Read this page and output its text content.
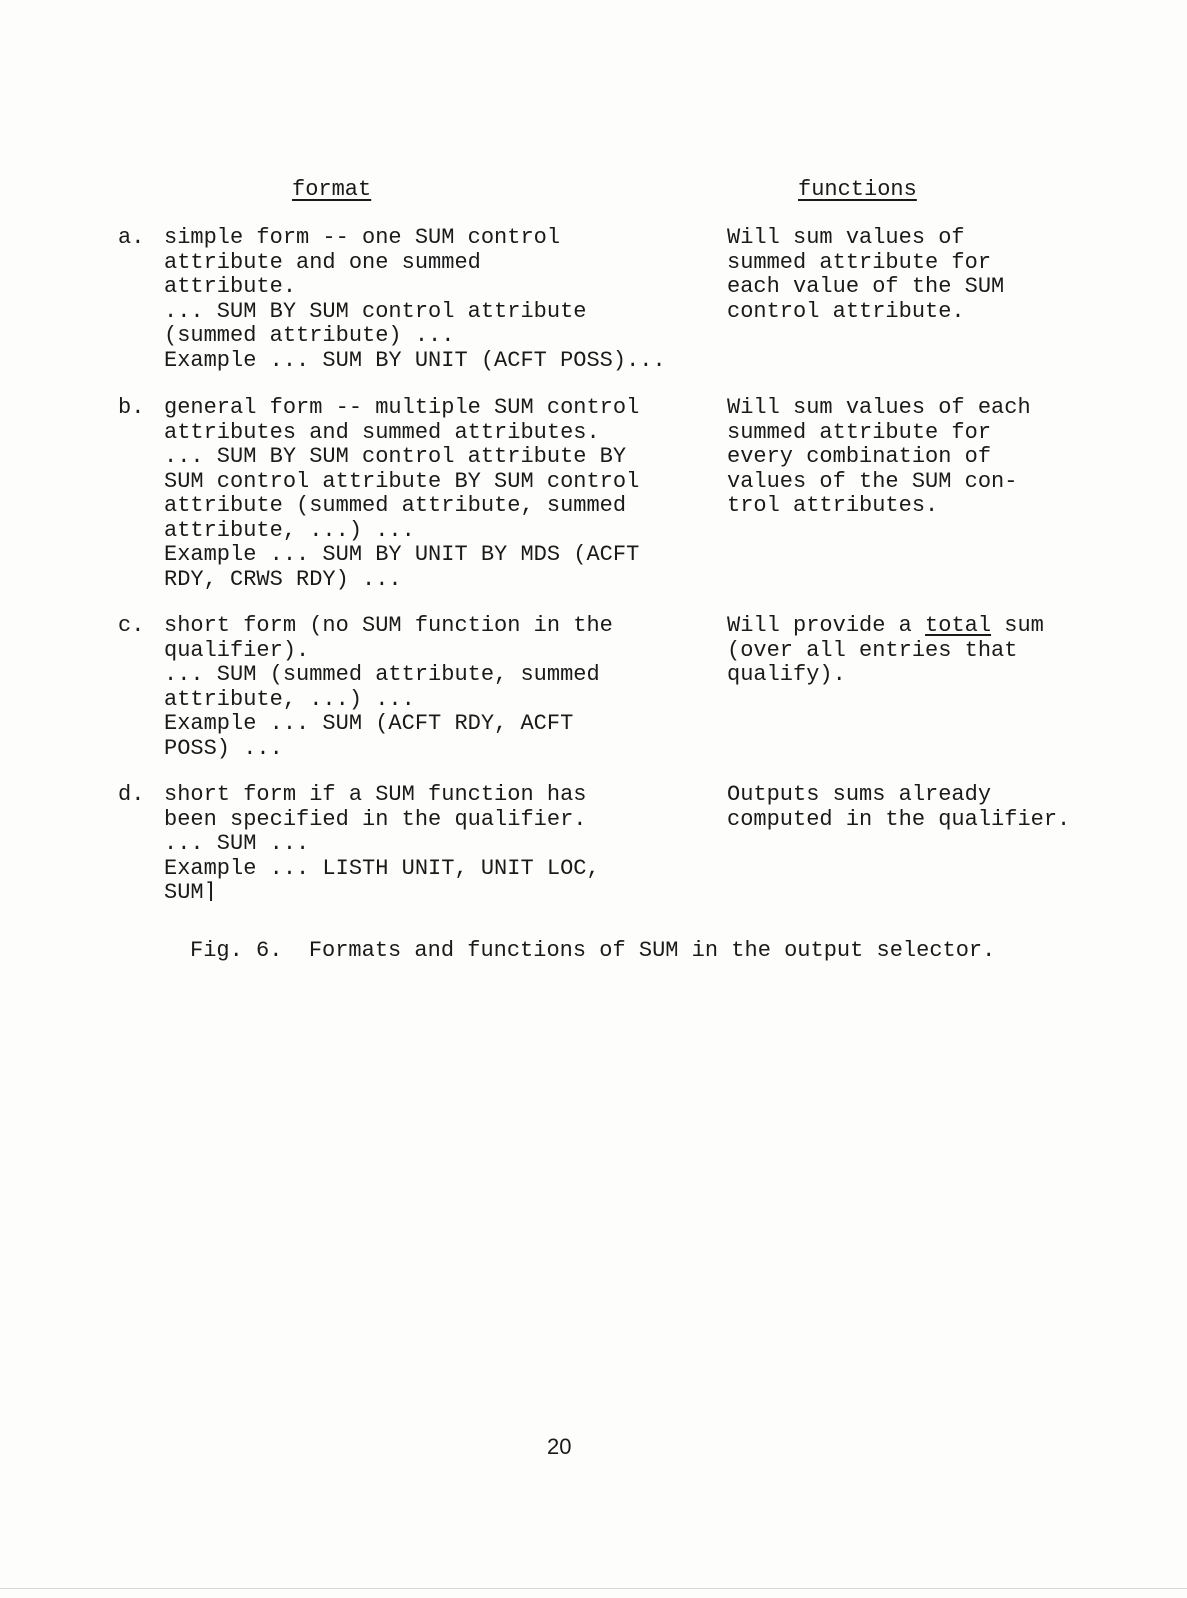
format	functions
a. simple form -- one SUM control
attribute and one summed
attribute.
... SUM BY SUM control attribute
(summed attribute) ...
Example ... SUM BY UNIT (ACFT POSS)...
Will sum values of
summed attribute for
each value of the SUM
control attribute.
b. general form -- multiple SUM control
attributes and summed attributes.
... SUM BY SUM control attribute BY
SUM control attribute BY SUM control
attribute (summed attribute, summed
attribute, ...) ...
Example ... SUM BY UNIT BY MDS (ACFT
RDY, CRWS RDY) ...
Will sum values of each
summed attribute for
every combination of
values of the SUM con-
trol attributes.
c. short form (no SUM function in the
qualifier).
... SUM (summed attribute, summed
attribute, ...) ...
Example ... SUM (ACFT RDY, ACFT
POSS) ...
Will provide a total sum
(over all entries that
qualify).
d. short form if a SUM function has
been specified in the qualifier.
... SUM ...
Example ... LISTH UNIT, UNIT LOC,
SUM⌉
Outputs sums already
computed in the qualifier.
Fig. 6.  Formats and functions of SUM in the output selector.
20
